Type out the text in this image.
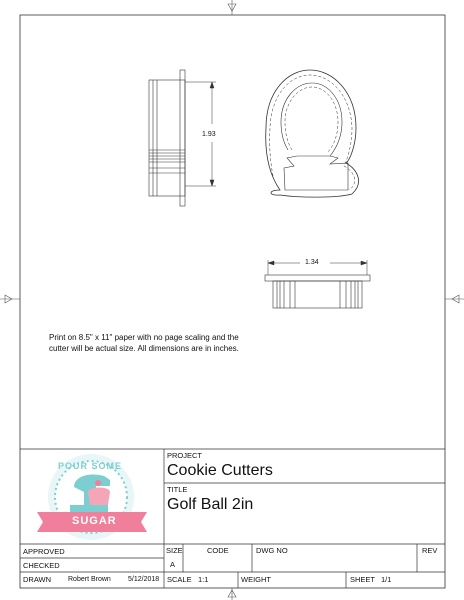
1.93
1.34
Print on 8.5" x 11" paper with no page scaling and the cutter will be actual size. All dimensions are in inches.
POUR SOME
SUGAR
PROJECT
Cookie Cutters
TITLE
Golf Ball 2in
APPROVED
CHECKED
DRAWN Robert Brown 5/12/2018
SIZE
A
CODE	DWG NO	REV
SCALE 1:1	WEIGHT	SHEET 1/1
